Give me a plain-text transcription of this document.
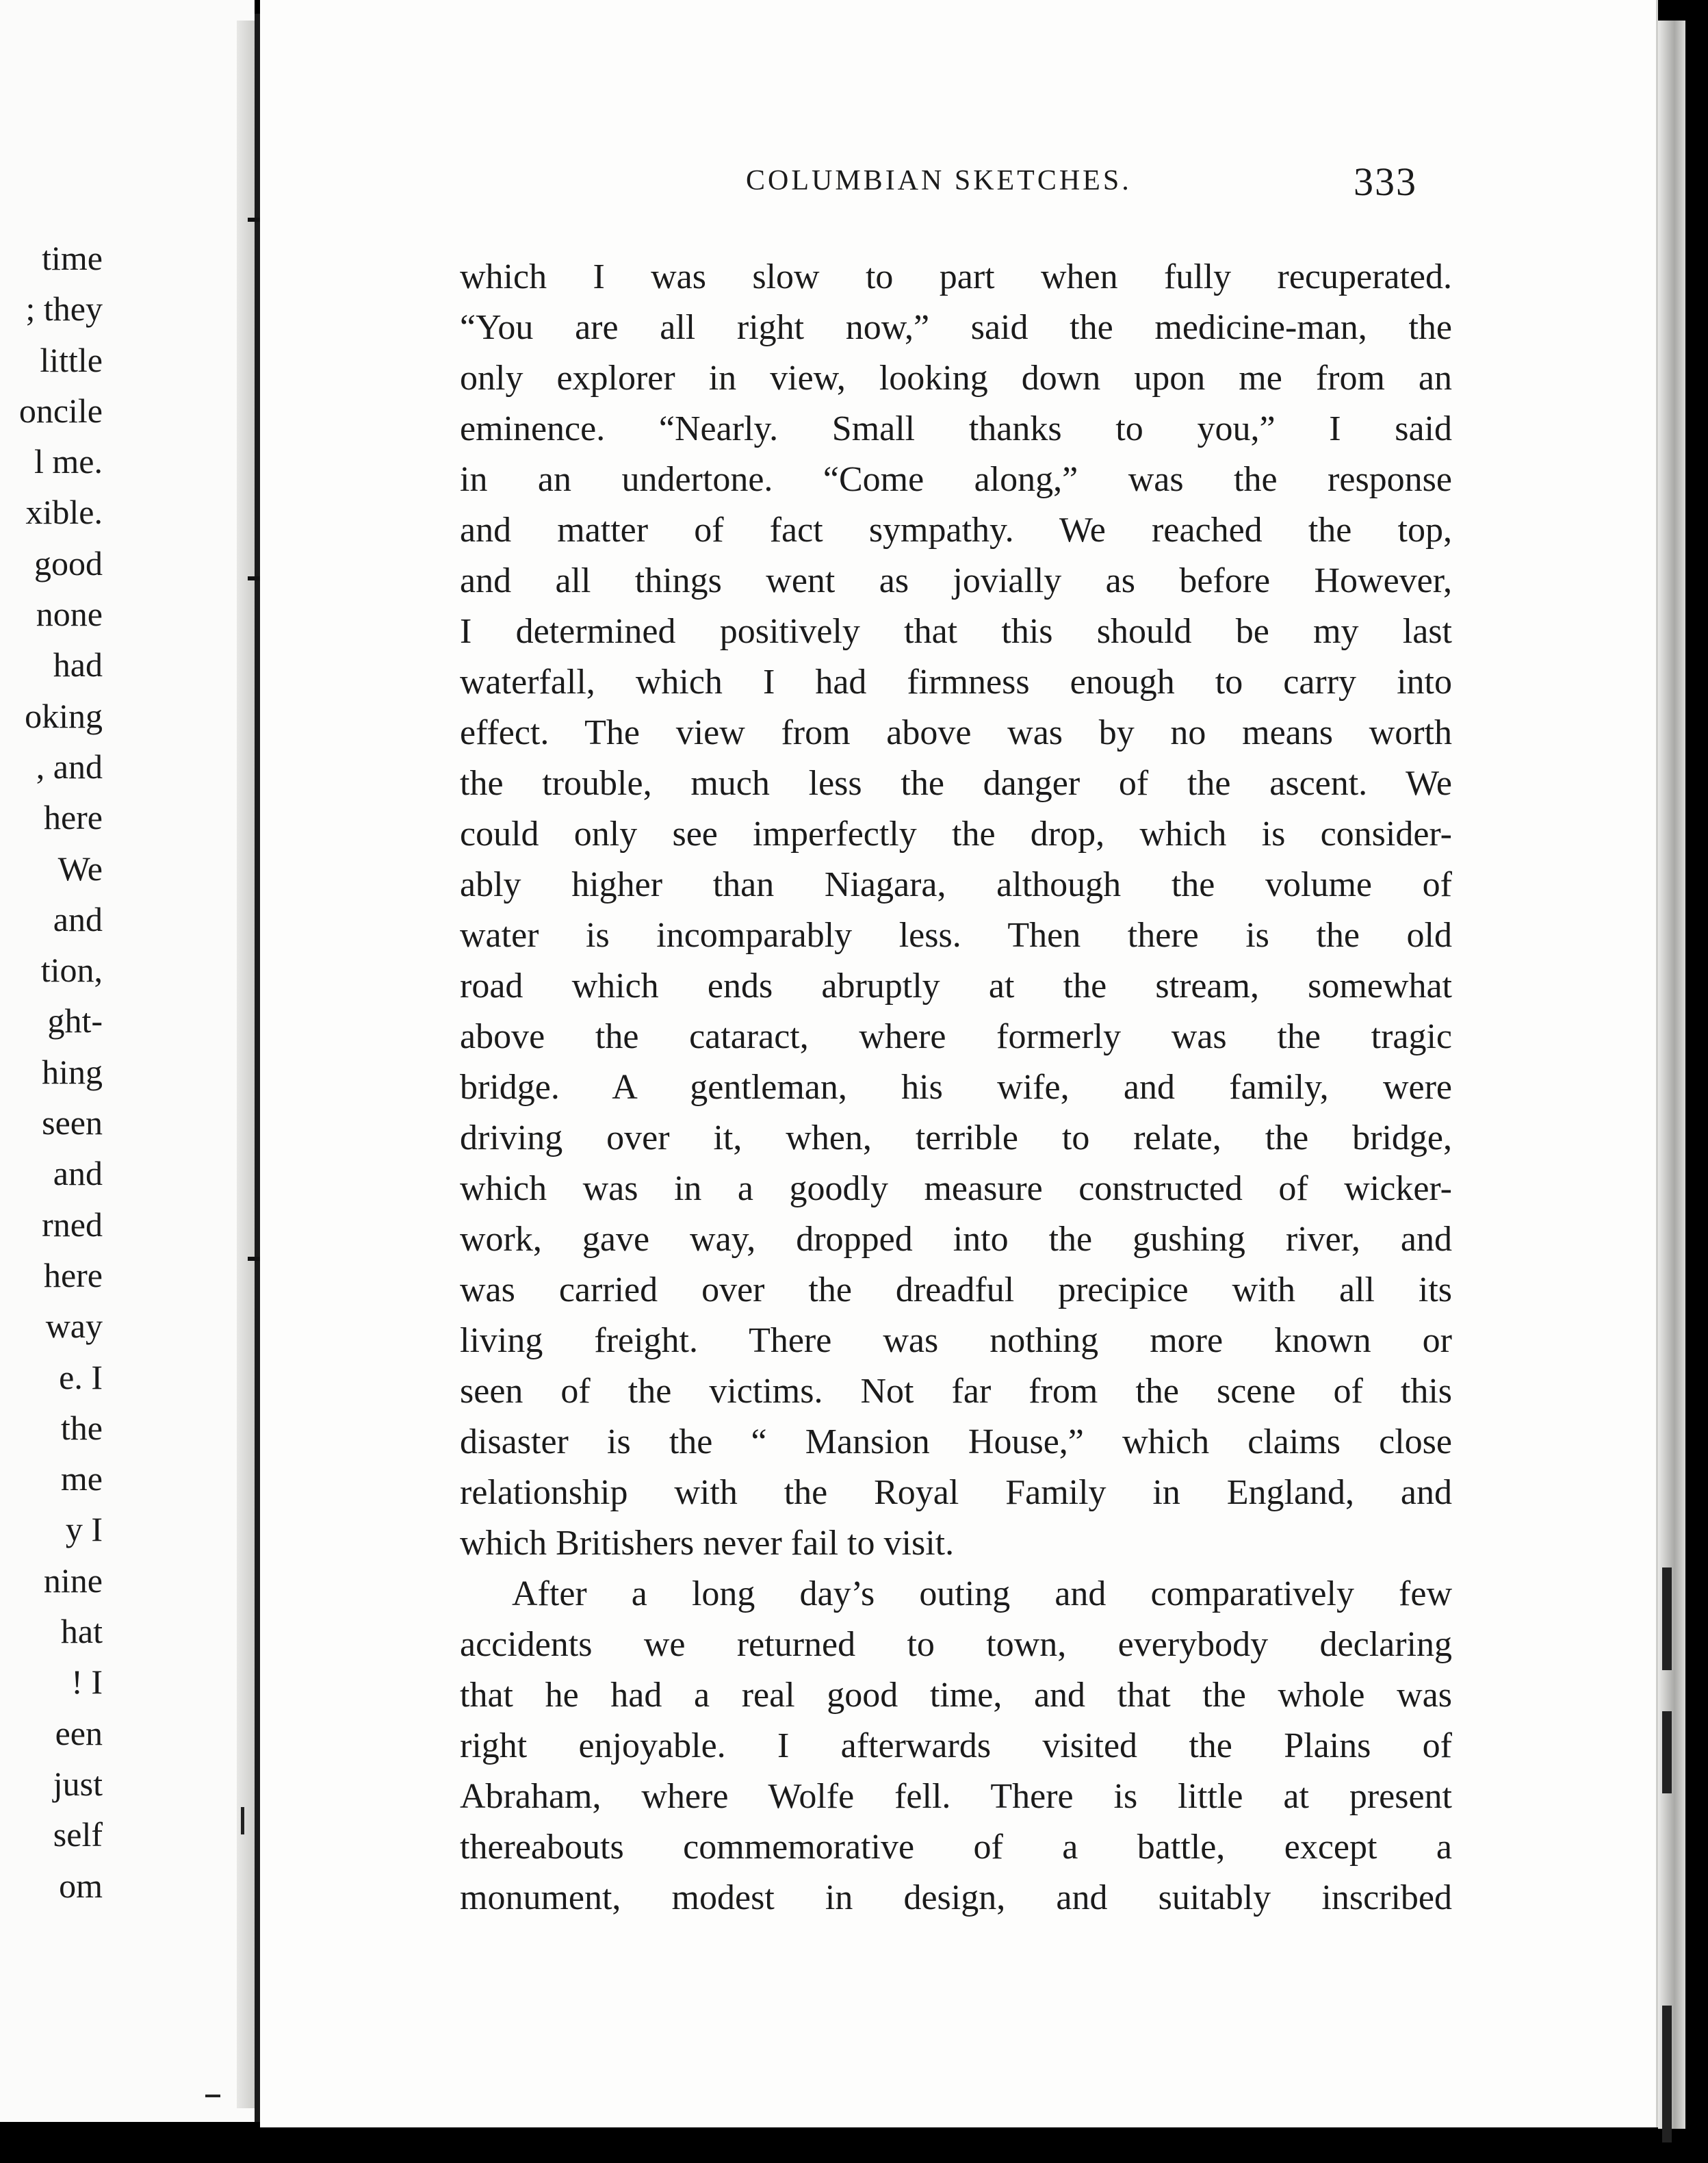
time
; they
little
oncile
l me.
xible.
good
none
had
oking
, and
here
We
and
tion,
ght-
hing
seen
and
rned
here
way
e. I
the
me
y I
nine
hat
! I
een
just
self
om
COLUMBIAN SKETCHES.	333
which I was slow to part when fully recuperated.
“You are all right now,” said the medicine-man, the
only explorer in view, looking down upon me from an
eminence. “Nearly. Small thanks to you,” I said
in an undertone. “Come along,” was the response
and matter of fact sympathy. We reached the top,
and all things went as jovially as before However,
I determined positively that this should be my last
waterfall, which I had firmness enough to carry into
effect. The view from above was by no means worth
the trouble, much less the danger of the ascent. We
could only see imperfectly the drop, which is consider-
ably higher than Niagara, although the volume of
water is incomparably less. Then there is the old
road which ends abruptly at the stream, somewhat
above the cataract, where formerly was the tragic
bridge. A gentleman, his wife, and family, were
driving over it, when, terrible to relate, the bridge,
which was in a goodly measure constructed of wicker-
work, gave way, dropped into the gushing river, and
was carried over the dreadful precipice with all its
living freight. There was nothing more known or
seen of the victims. Not far from the scene of this
disaster is the “ Mansion House,” which claims close
relationship with the Royal Family in England, and
which Britishers never fail to visit.
After a long day’s outing and comparatively few
accidents we returned to town, everybody declaring
that he had a real good time, and that the whole was
right enjoyable. I afterwards visited the Plains of
Abraham, where Wolfe fell. There is little at present
thereabouts commemorative of a battle, except a
monument, modest in design, and suitably inscribed
